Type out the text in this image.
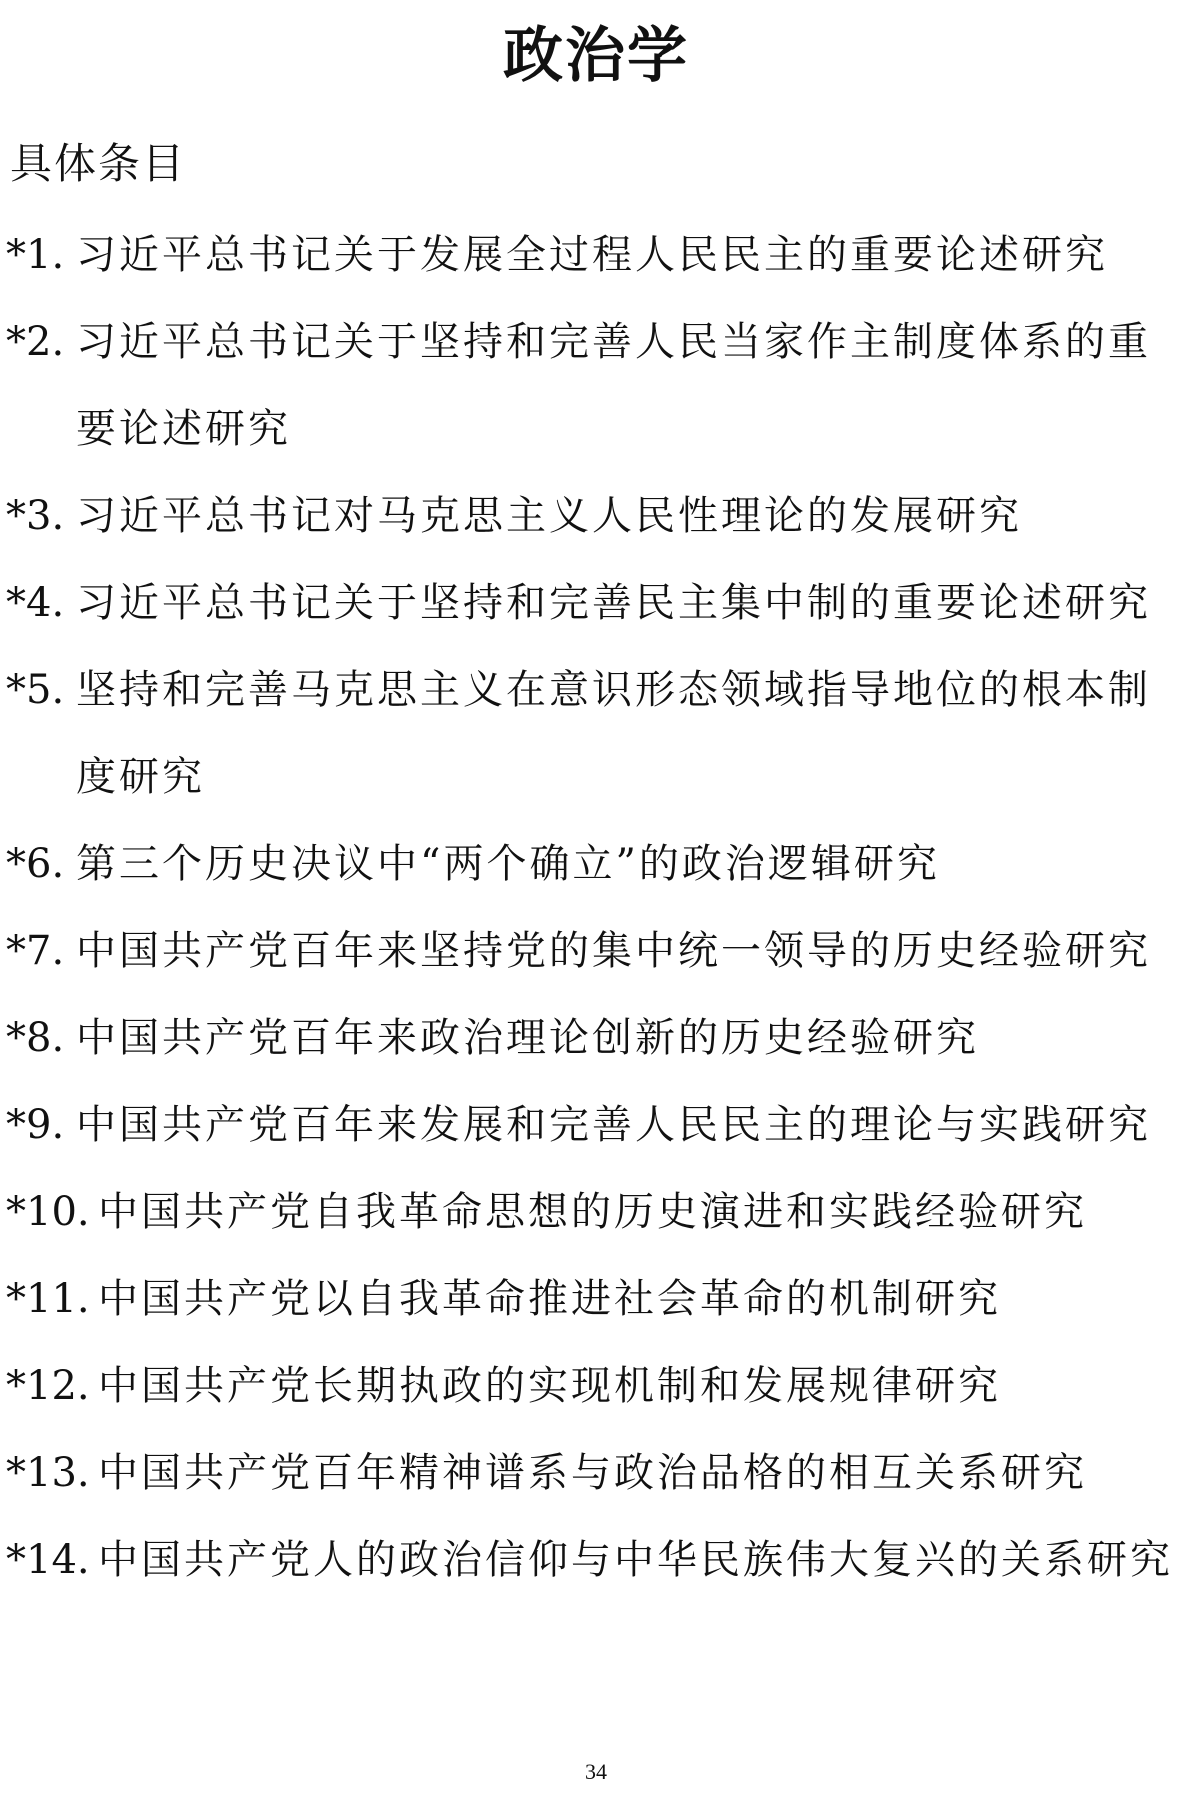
政治学
具体条目
*1. 习近平总书记关于发展全过程人民民主的重要论述研究
*2. 习近平总书记关于坚持和完善人民当家作主制度体系的重要论述研究
*3. 习近平总书记对马克思主义人民性理论的发展研究
*4. 习近平总书记关于坚持和完善民主集中制的重要论述研究
*5. 坚持和完善马克思主义在意识形态领域指导地位的根本制度研究
*6. 第三个历史决议中“两个确立”的政治逻辑研究
*7. 中国共产党百年来坚持党的集中统一领导的历史经验研究
*8. 中国共产党百年来政治理论创新的历史经验研究
*9. 中国共产党百年来发展和完善人民民主的理论与实践研究
*10. 中国共产党自我革命思想的历史演进和实践经验研究
*11. 中国共产党以自我革命推进社会革命的机制研究
*12. 中国共产党长期执政的实现机制和发展规律研究
*13. 中国共产党百年精神谱系与政治品格的相互关系研究
*14. 中国共产党人的政治信仰与中华民族伟大复兴的关系研究
34
